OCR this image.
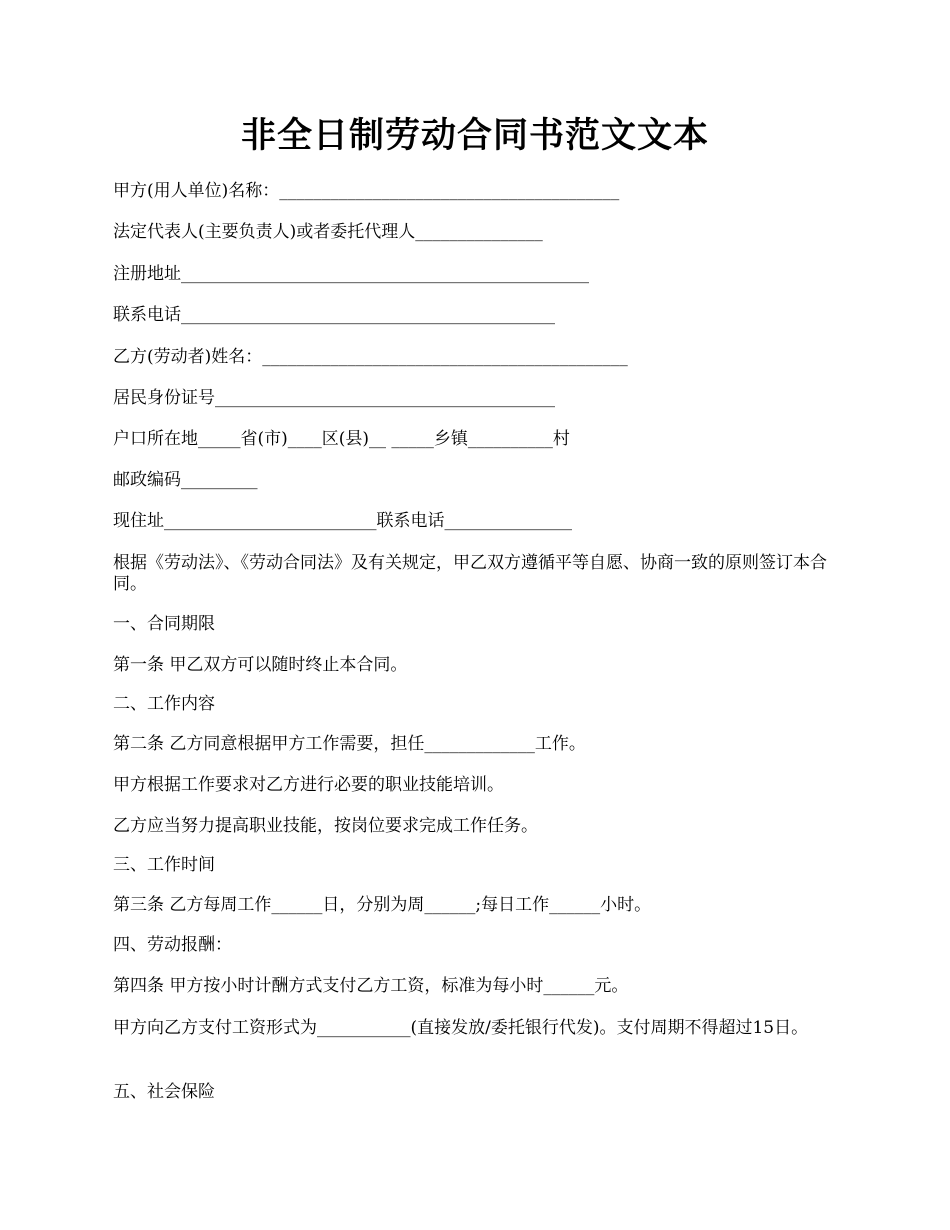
非全日制劳动合同书范文文本
甲方(用人单位)名称：________________________________________
法定代表人(主要负责人)或者委托代理人_______________
注册地址________________________________________________
联系电话____________________________________________
乙方(劳动者)姓名：___________________________________________
居民身份证号________________________________________
户口所在地_____省(市)____区(县)__ _____乡镇__________村
邮政编码_________
现住址_________________________联系电话_______________
根据《劳动法》、《劳动合同法》及有关规定，甲乙双方遵循平等自愿、协商一致的原则签订本合同。
一、合同期限
第一条 甲乙双方可以随时终止本合同。
二、工作内容
第二条 乙方同意根据甲方工作需要，担任_____________工作。
甲方根据工作要求对乙方进行必要的职业技能培训。
乙方应当努力提高职业技能，按岗位要求完成工作任务。
三、工作时间
第三条 乙方每周工作______日，分别为周______;每日工作______小时。
四、劳动报酬：
第四条 甲方按小时计酬方式支付乙方工资，标准为每小时______元。
甲方向乙方支付工资形式为___________(直接发放/委托银行代发)。支付周期不得超过15日。
五、社会保险
